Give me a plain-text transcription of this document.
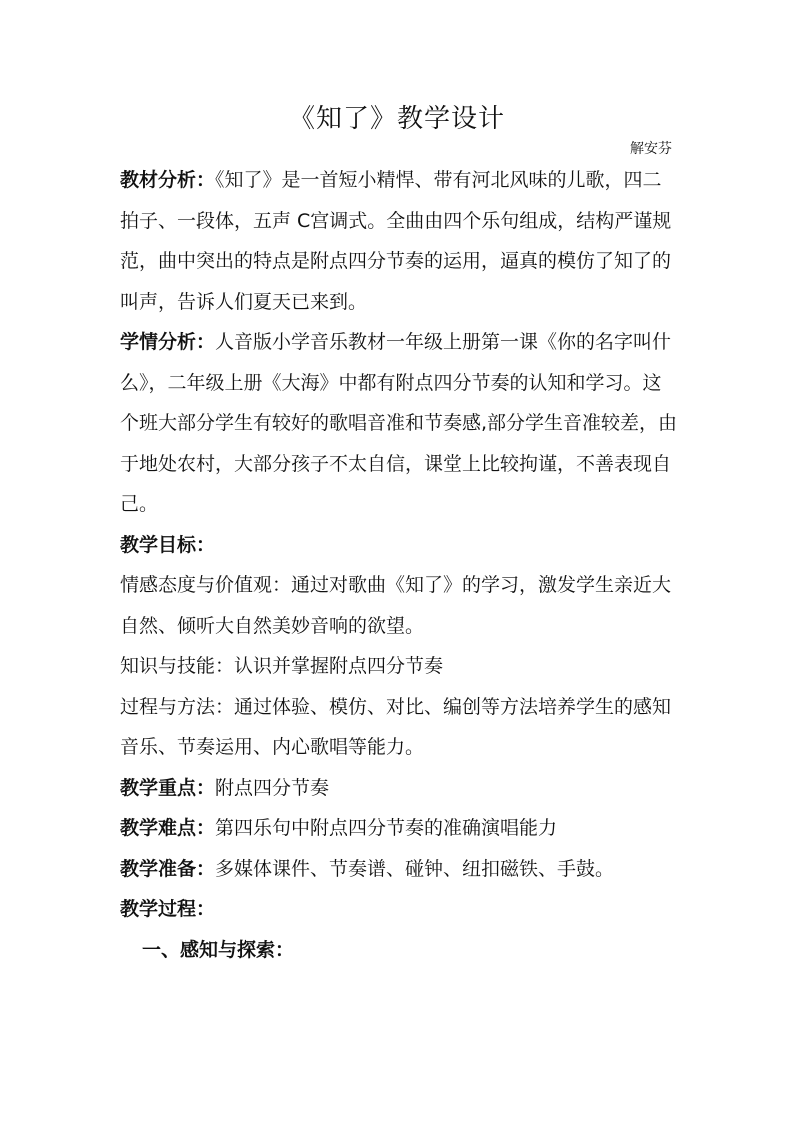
《知了》教学设计
解安芬

教材分析：《知了》是一首短小精悍、带有河北风味的儿歌，四二拍子、一段体，五声 C宫调式。全曲由四个乐句组成，结构严谨规范，曲中突出的特点是附点四分节奏的运用，逼真的模仿了知了的叫声，告诉人们夏天已来到。

学情分析：人音版小学音乐教材一年级上册第一课《你的名字叫什么》，二年级上册《大海》中都有附点四分节奏的认知和学习。这个班大部分学生有较好的歌唱音准和节奏感,部分学生音准较差，由于地处农村，大部分孩子不太自信，课堂上比较拘谨，不善表现自己。

教学目标：

情感态度与价值观：通过对歌曲《知了》的学习，激发学生亲近大自然、倾听大自然美妙音响的欲望。

知识与技能：认识并掌握附点四分节奏

过程与方法：通过体验、模仿、对比、编创等方法培养学生的感知音乐、节奏运用、内心歌唱等能力。

教学重点：附点四分节奏

教学难点：第四乐句中附点四分节奏的准确演唱能力

教学准备：多媒体课件、节奏谱、碰钟、纽扣磁铁、手鼓。

教学过程：

一、感知与探索：
